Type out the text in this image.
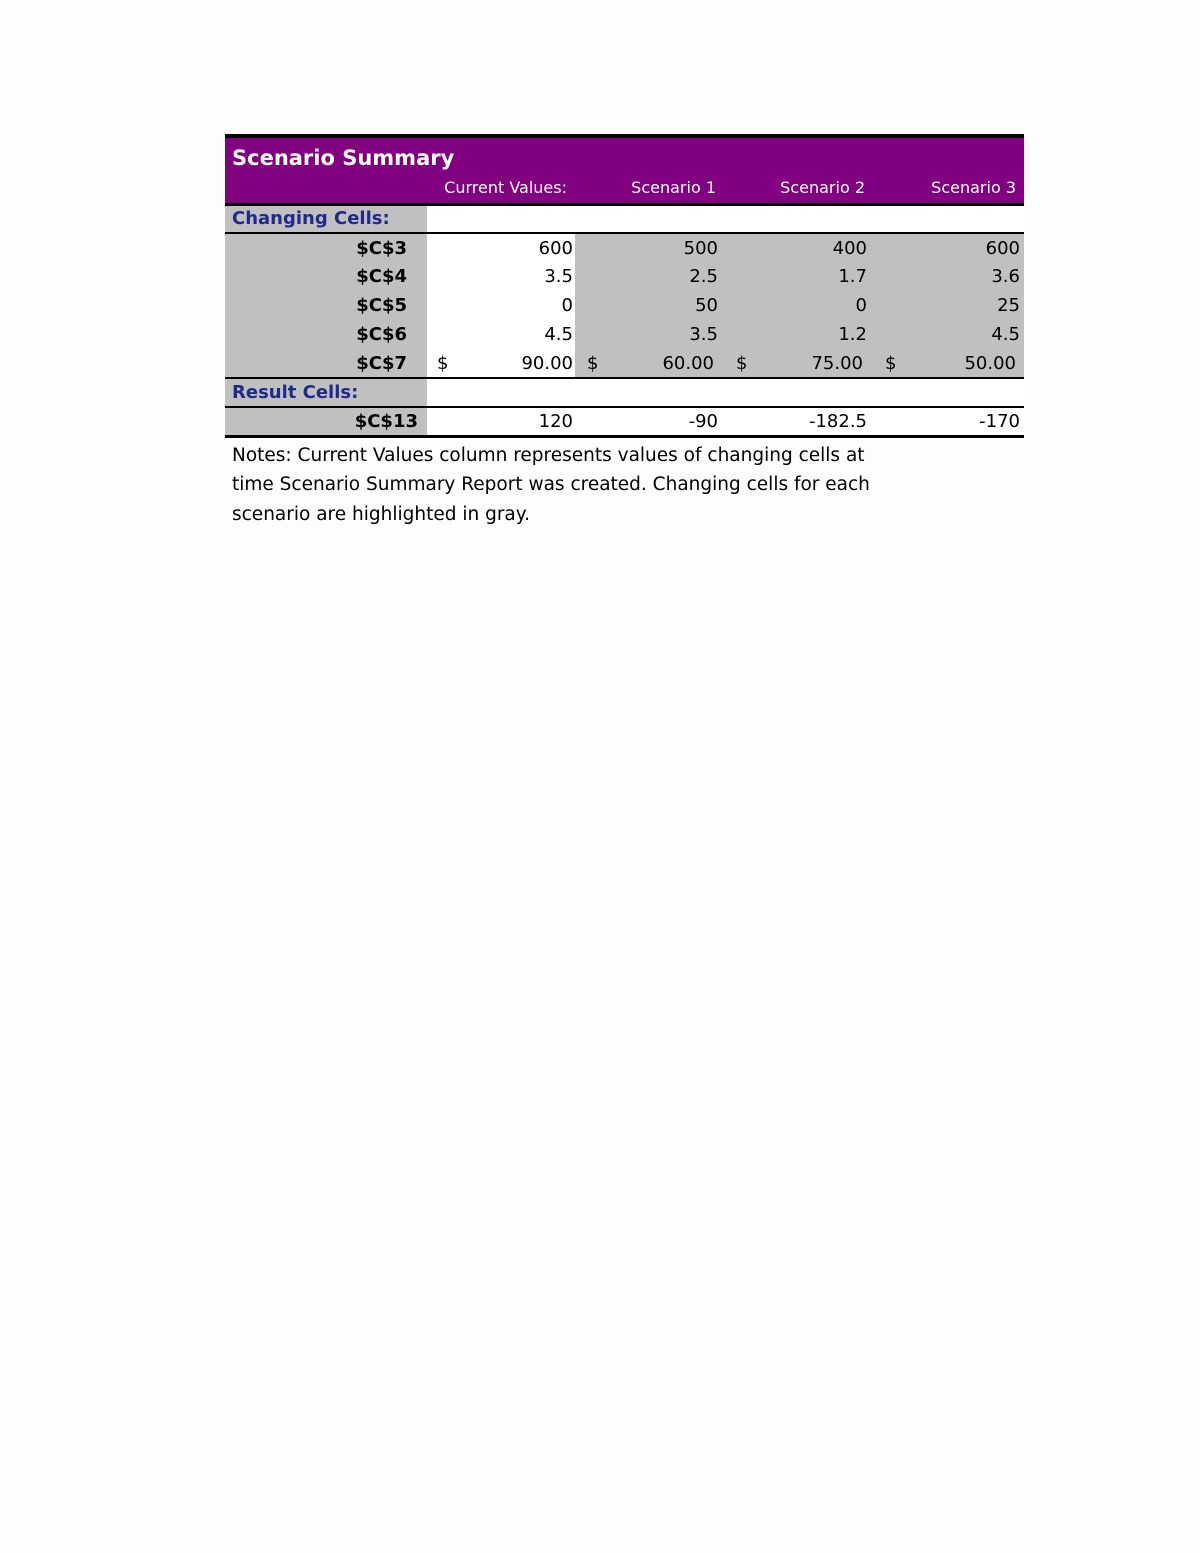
Scenario Summary				
	Current Values:	Scenario 1	Scenario 2	Scenario 3
Changing Cells:				
$C$3	600	500	400	600
$C$4	3.5	2.5	1.7	3.6
$C$5	0	50	0	25
$C$6	4.5	3.5	1.2	4.5
$C$7	$ 90.00	$ 60.00	$ 75.00	$ 50.00

Result Cells:				
$C$13	120	-90	-182.5	-170
Notes: Current Values column represents values of changing cells at time Scenario Summary Report was created. Changing cells for each scenario are highlighted in gray.
